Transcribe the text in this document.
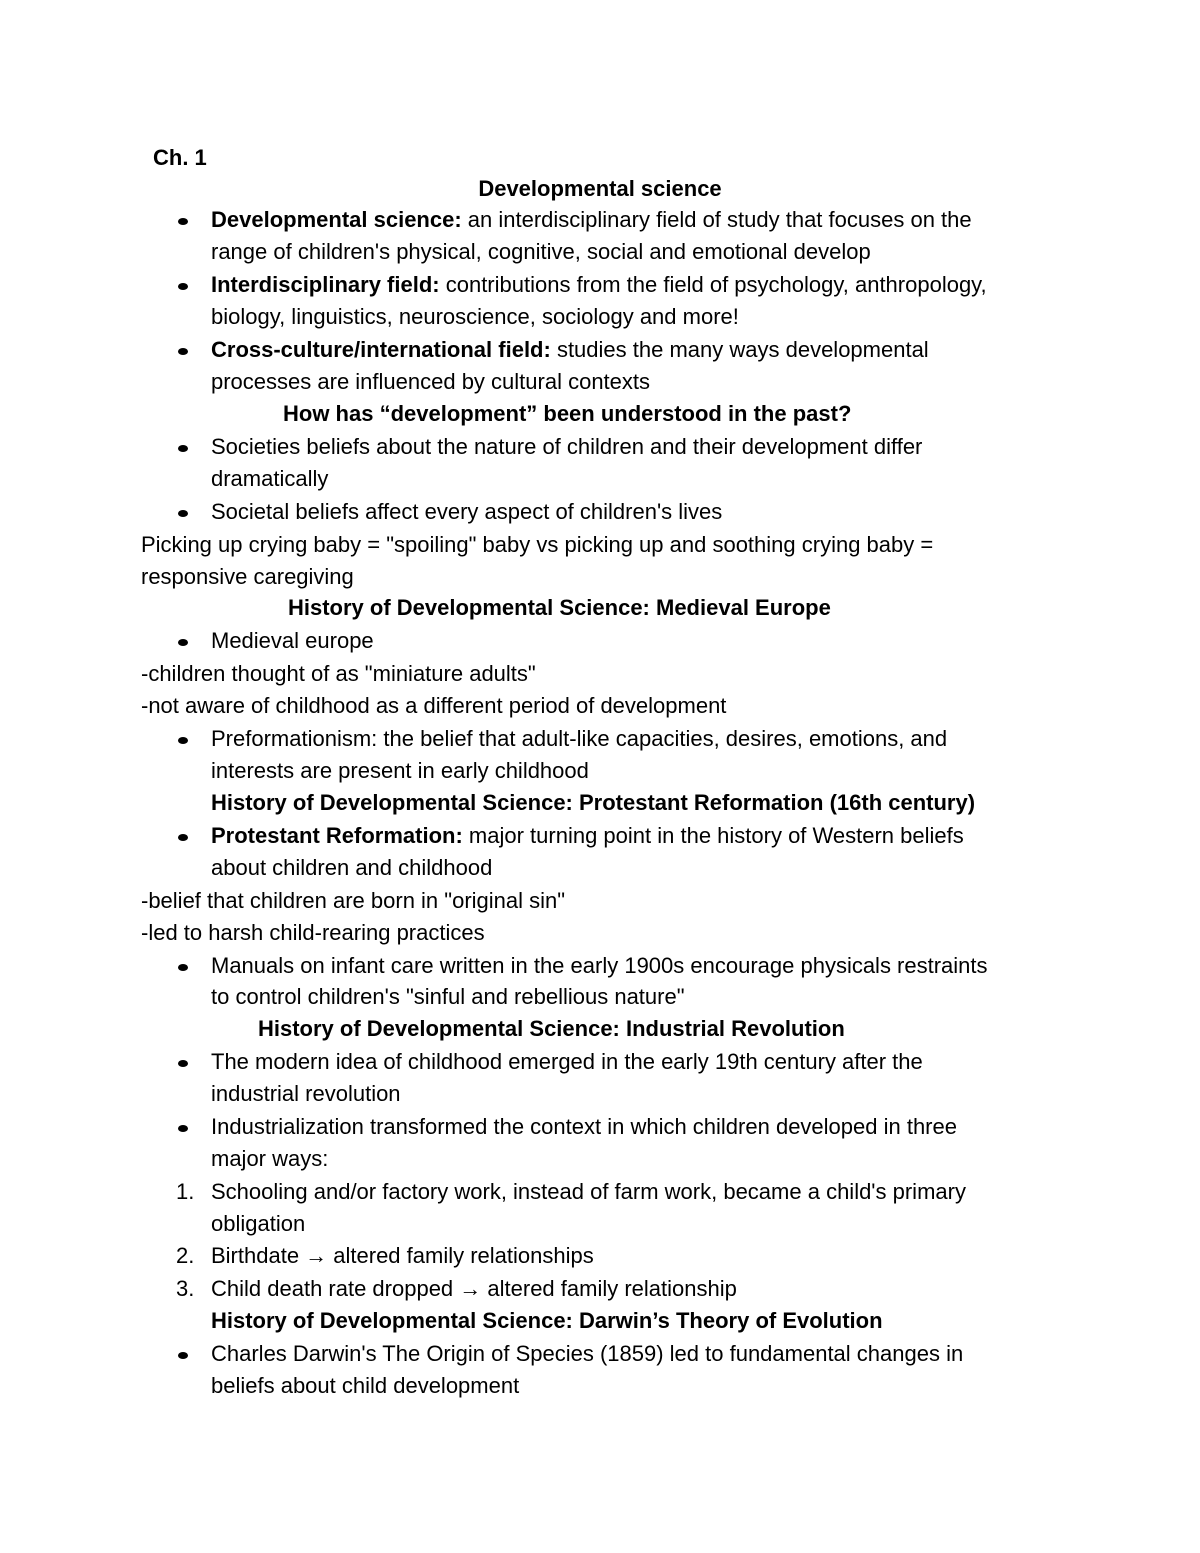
Ch. 1
Developmental science
Developmental science: an interdisciplinary field of study that focuses on the
range of children's physical, cognitive, social and emotional develop
Interdisciplinary field: contributions from the field of psychology, anthropology,
biology, linguistics, neuroscience, sociology and more!
Cross-culture/international field: studies the many ways developmental
processes are influenced by cultural contexts
How has “development” been understood in the past?
Societies beliefs about the nature of children and their development differ
dramatically
Societal beliefs affect every aspect of children's lives
Picking up crying baby = "spoiling" baby vs picking up and soothing crying baby =
responsive caregiving
History of Developmental Science: Medieval Europe
Medieval europe
-children thought of as "miniature adults"
-not aware of childhood as a different period of development
Preformationism: the belief that adult-like capacities, desires, emotions, and
interests are present in early childhood
History of Developmental Science: Protestant Reformation (16th century)
Protestant Reformation: major turning point in the history of Western beliefs
about children and childhood
-belief that children are born in "original sin"
-led to harsh child-rearing practices
Manuals on infant care written in the early 1900s encourage physicals restraints
to control children's "sinful and rebellious nature"
History of Developmental Science: Industrial Revolution
The modern idea of childhood emerged in the early 19th century after the
industrial revolution
Industrialization transformed the context in which children developed in three
major ways:
1. Schooling and/or factory work, instead of farm work, became a child's primary
obligation
2. Birthdate → altered family relationships
3. Child death rate dropped → altered family relationship
History of Developmental Science: Darwin’s Theory of Evolution
Charles Darwin's The Origin of Species (1859) led to fundamental changes in
beliefs about child development
